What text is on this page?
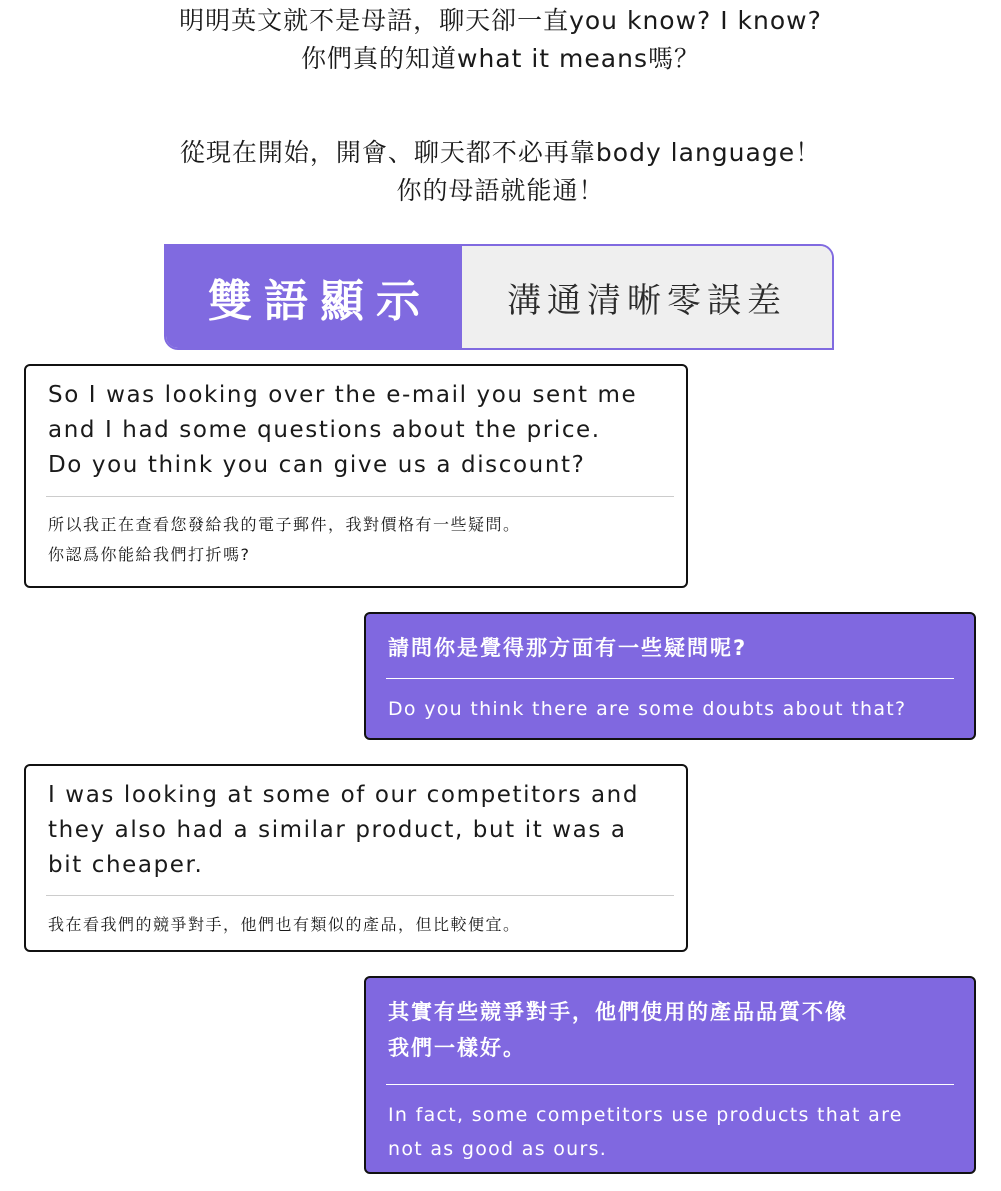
明明英文就不是母語，聊天卻一直you know? I know?
你們真的知道what it means嗎？
從現在開始，開會、聊天都不必再靠body language！
你的母語就能通！
雙語顯示	溝通清晰零誤差
So I was looking over the e-mail you sent me
and I had some questions about the price.
Do you think you can give us a discount?
所以我正在查看您發給我的電子郵件，我對價格有一些疑問。
你認爲你能給我們打折嗎?
請問你是覺得那方面有一些疑問呢?
Do you think there are some doubts about that?
I was looking at some of our competitors and
they also had a similar product, but it was a
bit cheaper.
我在看我們的競爭對手，他們也有類似的產品，但比較便宜。
其實有些競爭對手，他們使用的產品品質不像
我們一樣好。
In fact, some competitors use products that are
not as good as ours.
